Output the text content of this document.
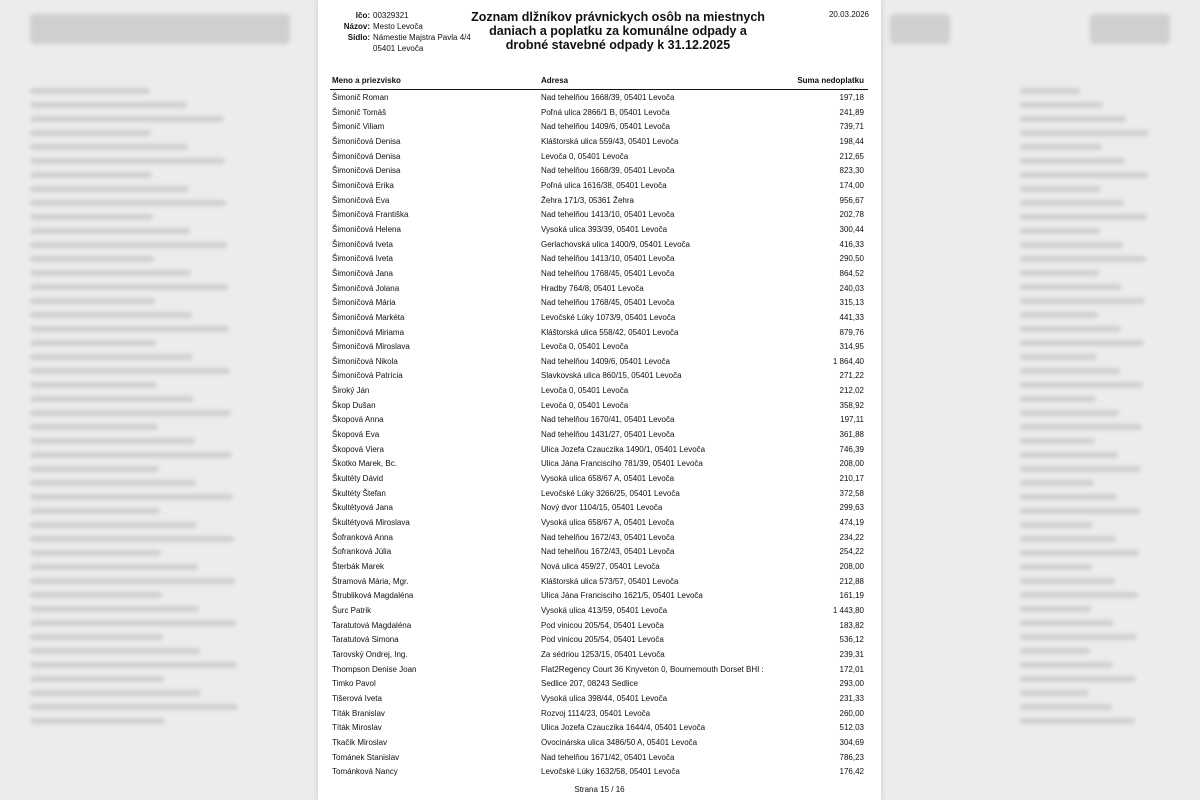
Ičo: 00329321
Názov: Mesto Levoča
Sídlo: Námestie Majstra Pavla 4/4
05401 Levoča
Zoznam dlžníkov právnickych osôb na miestnych daniach a poplatku za komunálne odpady a drobné stavebné odpady k 31.12.2025
20.03.2026
Meno a priezvisko	Adresa	Suma nedoplatku
Šimonič Roman	Nad tehelňou 1668/39, 05401 Levoča	197,18
Šimonič Tomáš	Poľná ulica 2866/1 B, 05401 Levoča	241,89
Šimonič Viliam	Nad tehelňou 1409/6, 05401 Levoča	739,71
Šimoničová Denisa	Kláštorská ulica 559/43, 05401 Levoča	198,44
Šimoničová Denisa	Levoča 0, 05401 Levoča	212,65
Šimoničová Denisa	Nad tehelňou 1668/39, 05401 Levoča	823,30
Šimoničová Erika	Poľná ulica 1616/38, 05401 Levoča	174,00
Šimoničová Eva	Žehra 171/3, 05361 Žehra	956,67
Šimoničová Františka	Nad tehelňou 1413/10, 05401 Levoča	202,78
Šimoničová Helena	Vysoká ulica 393/39, 05401 Levoča	300,44
Šimoničová Iveta	Gerlachovská ulica 1400/9, 05401 Levoča	416,33
Šimoničová Iveta	Nad tehelňou 1413/10, 05401 Levoča	290,50
Šimoničová Jana	Nad tehelňou 1768/45, 05401 Levoča	864,52
Šimoničová Jolana	Hradby 764/8, 05401 Levoča	240,03
Šimoničová Mária	Nad tehelňou 1768/45, 05401 Levoča	315,13
Šimoničová Markéta	Levočské Lúky 1073/9, 05401 Levoča	441,33
Šimoničová Miriama	Kláštorská ulica 558/42, 05401 Levoča	879,76
Šimoničová Miroslava	Levoča 0, 05401 Levoča	314,95
Šimoničová Nikola	Nad tehelňou 1409/6, 05401 Levoča	1 864,40
Šimoničová Patrícia	Slavkovská ulica 860/15, 05401 Levoča	271,22
Široký Ján	Levoča 0, 05401 Levoča	212,02
Škop Dušan	Levoča 0, 05401 Levoča	358,92
Škopová Anna	Nad tehelňou 1670/41, 05401 Levoča	197,11
Škopová Eva	Nad tehelňou 1431/27, 05401 Levoča	361,88
Škopová Viera	Ulica Jozefa Czauczika 1490/1, 05401 Levoča	746,39
Škotko Marek, Bc.	Ulica Jána Francisciho 781/39, 05401 Levoča	208,00
Škultéty Dávid	Vysoká ulica 658/67 A, 05401 Levoča	210,17
Škultéty Štefan	Levočské Lúky 3266/25, 05401 Levoča	372,58
Škultétyová Jana	Nový dvor 1104/15, 05401 Levoča	299,63
Škultétyová Miroslava	Vysoká ulica 658/67 A, 05401 Levoča	474,19
Šofranková Anna	Nad tehelňou 1672/43, 05401 Levoča	234,22
Šofranková Júlia	Nad tehelňou 1672/43, 05401 Levoča	254,22
Šterbák Marek	Nová ulica 459/27, 05401 Levoča	208,00
Štramová Mária, Mgr.	Kláštorská ulica 573/57, 05401 Levoča	212,88
Štrubliková Magdaléna	Ulica Jána Francisciho 1621/5, 05401 Levoča	161,19
Šurc Patrik	Vysoká ulica 413/59, 05401 Levoča	1 443,80
Taratutová Magdaléna	Pod vinicou 205/54, 05401 Levoča	183,82
Taratutová Simona	Pod vinicou 205/54, 05401 Levoča	536,12
Tarovský Ondrej, Ing.	Za sédriou 1253/15, 05401 Levoča	239,31
Thompson Denise Joan	Flat2Regency Court 36 Knyveton 0, Bournemouth Dorset BHI :	172,01
Timko Pavol	Sedlice 207, 08243 Sedlice	293,00
Tišerová Iveta	Vysoká ulica 398/44, 05401 Levoča	231,33
Títák Branislav	Rozvoj 1114/23, 05401 Levoča	260,00
Títák Miroslav	Ulica Jozefa Czauczika 1644/4, 05401 Levoča	512,03
Tkačik Miroslav	Ovocinárska ulica 3486/50 A, 05401 Levoča	304,69
Tománek Stanislav	Nad tehelňou 1671/42, 05401 Levoča	786,23
Tománková Nancy	Levočské Lúky 1632/58, 05401 Levoča	176,42
Strana 15 / 16
